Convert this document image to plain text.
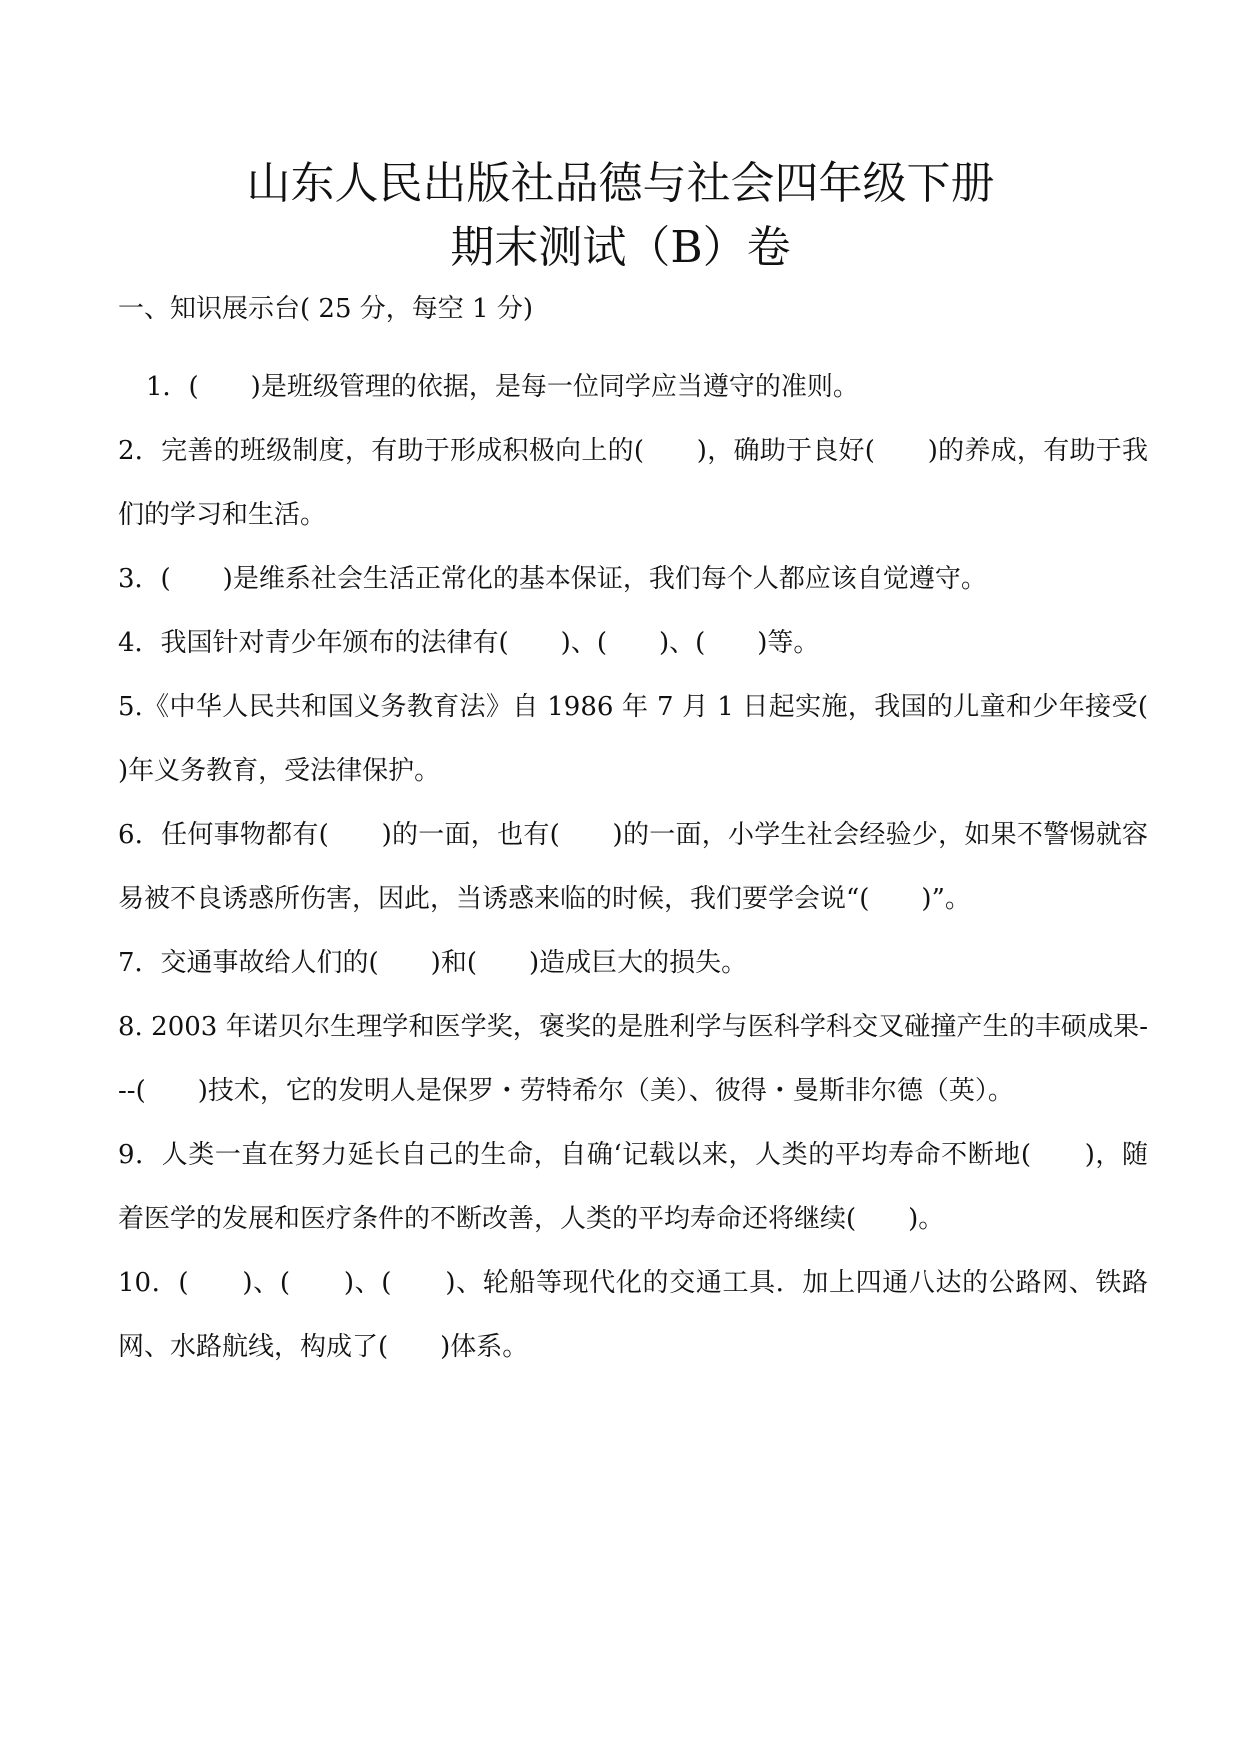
山东人民出版社品德与社会四年级下册
期末测试（B）卷
一、知识展示台( 25 分，每空 1 分)

1．(　　)是班级管理的依据，是每一位同学应当遵守的准则。

2．完善的班级制度，有助于形成积极向上的(　　)，确助于良好(　　)的养成，有助于我们的学习和生活。

3．(　　)是维系社会生活正常化的基本保证，我们每个人都应该自觉遵守。

4．我国针对青少年颁布的法律有(　　)、(　　)、(　　)等。

5.《中华人民共和国义务教育法》自 1986 年 7 月 1 日起实施，我国的儿童和少年接受(　　)年义务教育，受法律保护。

6．任何事物都有(　　)的一面，也有(　　)的一面，小学生社会经验少，如果不警惕就容易被不良诱惑所伤害，因此，当诱惑来临的时候，我们要学会说“(　　)”。

7．交通事故给人们的(　　)和(　　)造成巨大的损失。

8. 2003 年诺贝尔生理学和医学奖，褒奖的是胜利学与医科学科交叉碰撞产生的丰硕成果---(　　)技术，它的发明人是保罗・劳特希尔（美）、彼得・曼斯非尔德（英）。

9．人类一直在努力延长自己的生命，自确‘记载以来，人类的平均寿命不断地(　　)，随着医学的发展和医疗条件的不断改善，人类的平均寿命还将继续(　　)。

10．(　　)、(　　)、(　　)、轮船等现代化的交通工具．加上四通八达的公路网、铁路网、水路航线，构成了(　　)体系。
